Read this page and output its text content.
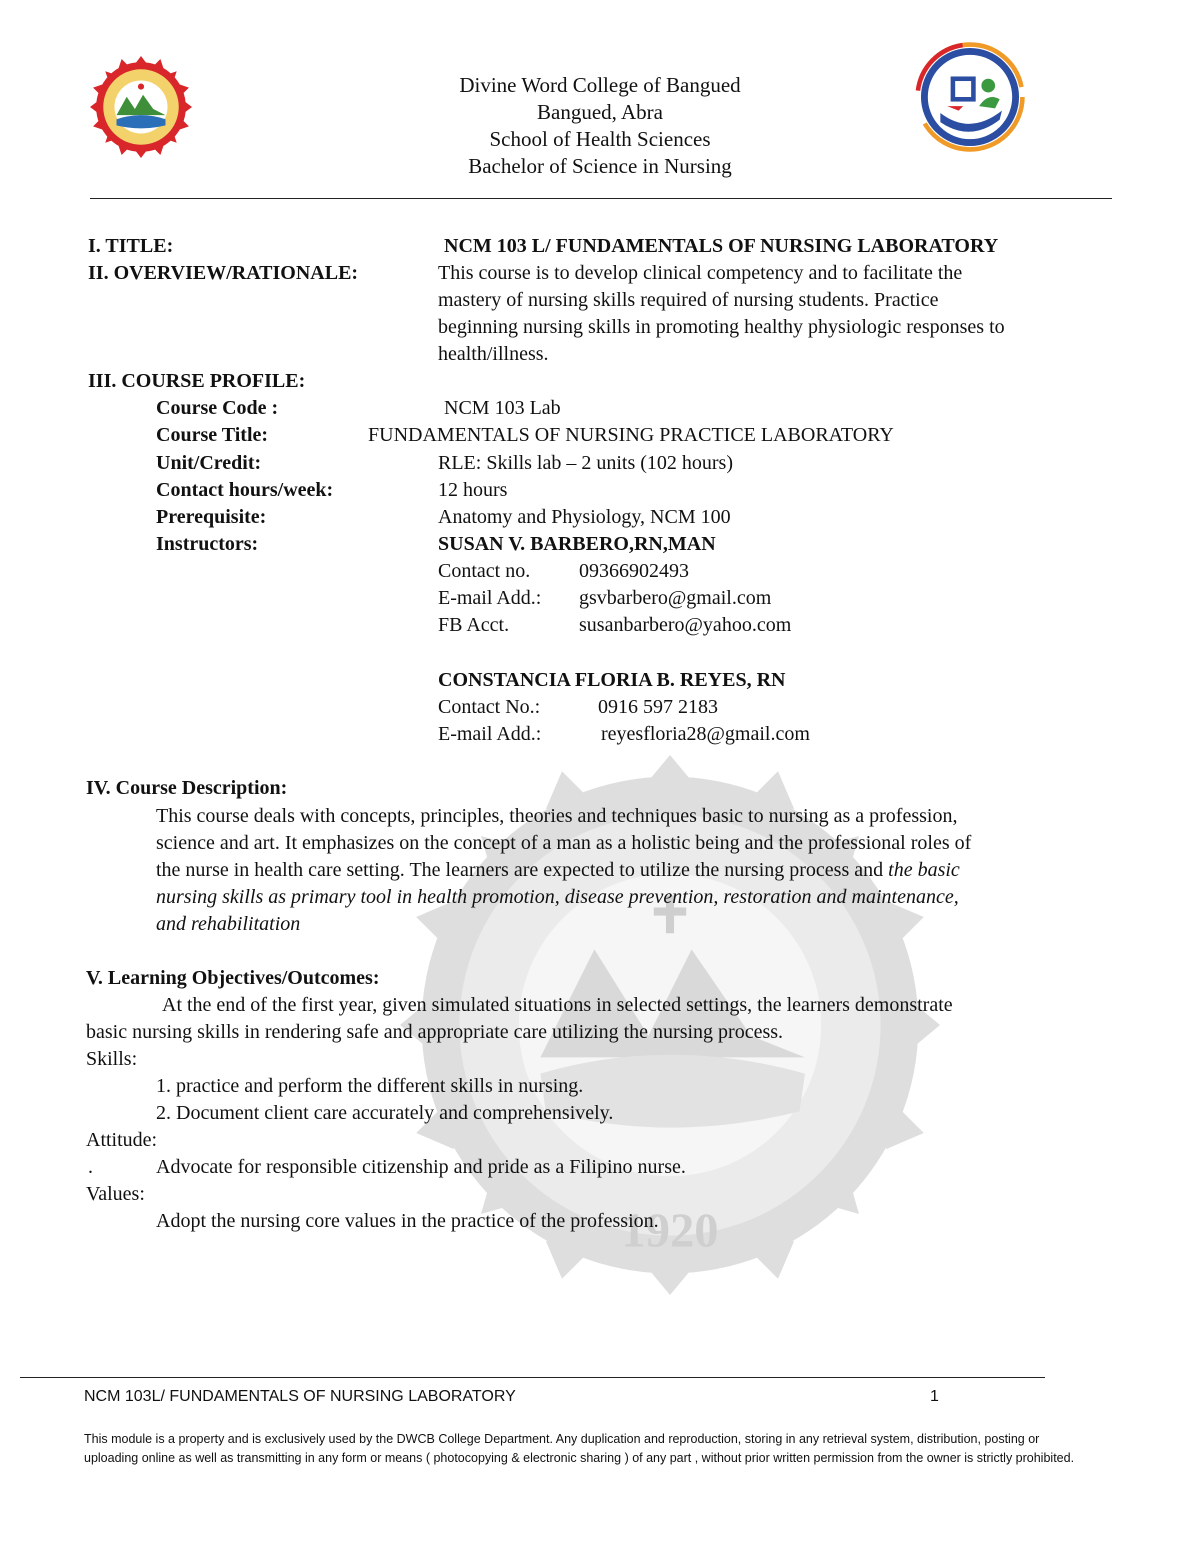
Divine Word College of Bangued
Bangued, Abra
School of Health Sciences
Bachelor of Science in Nursing
1920
I. TITLE:	NCM 103 L/ FUNDAMENTALS OF NURSING LABORATORY
II. OVERVIEW/RATIONALE:	This course is to develop clinical competency and to facilitate the
mastery of nursing skills required of nursing students. Practice
beginning nursing skills in promoting healthy physiologic responses to
health/illness.
III. COURSE PROFILE:
Course Code :	NCM 103 Lab
Course Title:	FUNDAMENTALS OF NURSING PRACTICE LABORATORY
Unit/Credit:	RLE: Skills lab – 2 units (102 hours)
Contact hours/week:	12 hours
Prerequisite:	Anatomy and Physiology, NCM 100
Instructors:	SUSAN V. BARBERO,RN,MAN
Contact no. 09366902493
E-mail Add.: gsvbarbero@gmail.com
FB Acct.	susanbarbero@yahoo.com
CONSTANCIA FLORIA B. REYES, RN
Contact No.:	0916 597 2183
E-mail Add.:	reyesfloria28@gmail.com
IV. Course Description:
This course deals with concepts, principles, theories and techniques basic to nursing as a profession,
science and art. It emphasizes on the concept of a man as a holistic being and the professional roles of
the nurse in health care setting. The learners are expected to utilize the nursing process and the basic
nursing skills as primary tool in health promotion, disease prevention, restoration and maintenance,
and rehabilitation
V. Learning Objectives/Outcomes:
At the end of the first year, given simulated situations in selected settings, the learners demonstrate
basic nursing skills in rendering safe and appropriate care utilizing the nursing process.
Skills:
1. practice and perform the different skills in nursing.
2. Document client care accurately and comprehensively.
Attitude:
.	Advocate for responsible citizenship and pride as a Filipino nurse.
Values:
Adopt the nursing core values in the practice of the profession.
NCM 103L/ FUNDAMENTALS OF NURSING LABORATORY	1
This module is a property and is exclusively used by the DWCB College Department. Any duplication and reproduction, storing in any retrieval system, distribution, posting or uploading online as well as transmitting in any form or means ( photocopying & electronic sharing ) of any part , without prior written permission from the owner is strictly prohibited.
